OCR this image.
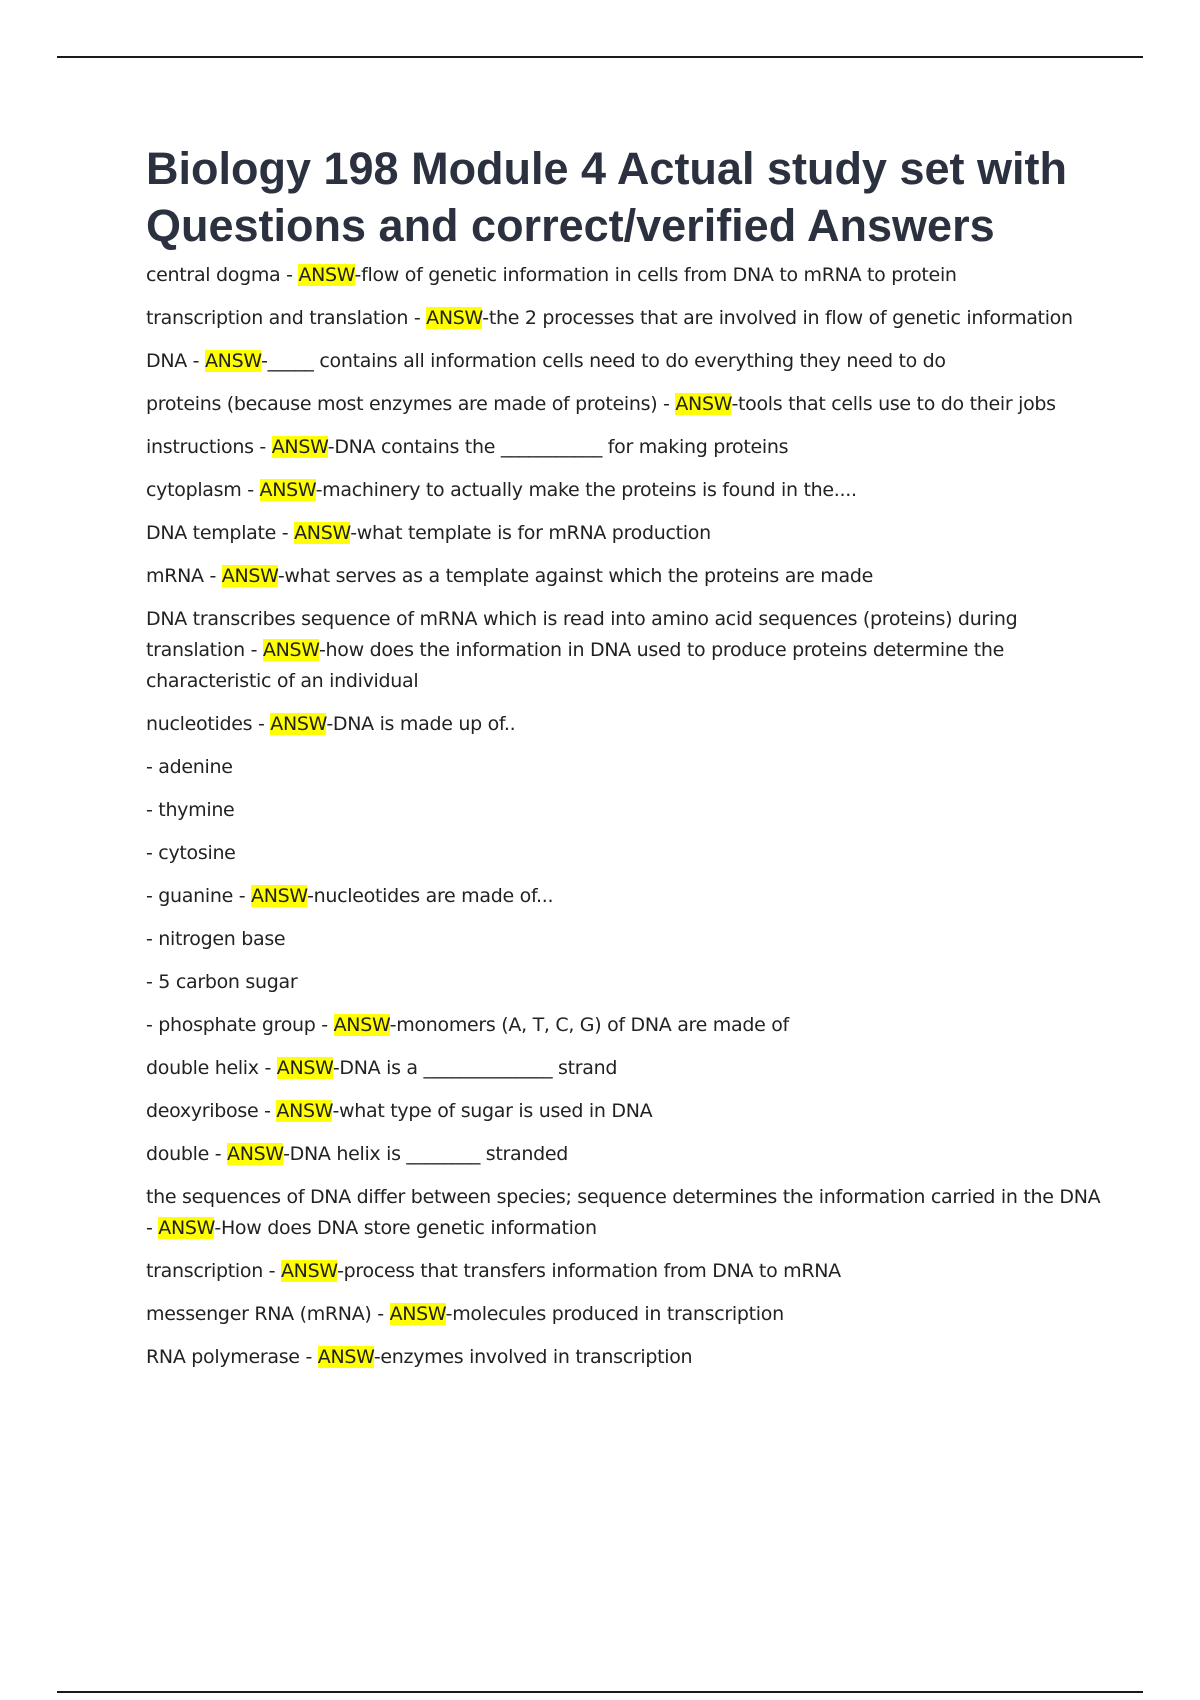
Biology 198 Module 4 Actual study set with Questions and correct/verified Answers

central dogma - ANSW-flow of genetic information in cells from DNA to mRNA to protein

transcription and translation - ANSW-the 2 processes that are involved in flow of genetic information

DNA - ANSW-_____ contains all information cells need to do everything they need to do

proteins (because most enzymes are made of proteins) - ANSW-tools that cells use to do their jobs

instructions - ANSW-DNA contains the ___________ for making proteins

cytoplasm - ANSW-machinery to actually make the proteins is found in the....

DNA template - ANSW-what template is for mRNA production

mRNA - ANSW-what serves as a template against which the proteins are made

DNA transcribes sequence of mRNA which is read into amino acid sequences (proteins) during translation - ANSW-how does the information in DNA used to produce proteins determine the characteristic of an individual

nucleotides - ANSW-DNA is made up of..

- adenine

- thymine

- cytosine

- guanine - ANSW-nucleotides are made of...

- nitrogen base

- 5 carbon sugar

- phosphate group - ANSW-monomers (A, T, C, G) of DNA are made of

double helix - ANSW-DNA is a ______________ strand

deoxyribose - ANSW-what type of sugar is used in DNA

double - ANSW-DNA helix is ________ stranded

the sequences of DNA differ between species; sequence determines the information carried in the DNA - ANSW-How does DNA store genetic information

transcription - ANSW-process that transfers information from DNA to mRNA

messenger RNA (mRNA) - ANSW-molecules produced in transcription

RNA polymerase - ANSW-enzymes involved in transcription
